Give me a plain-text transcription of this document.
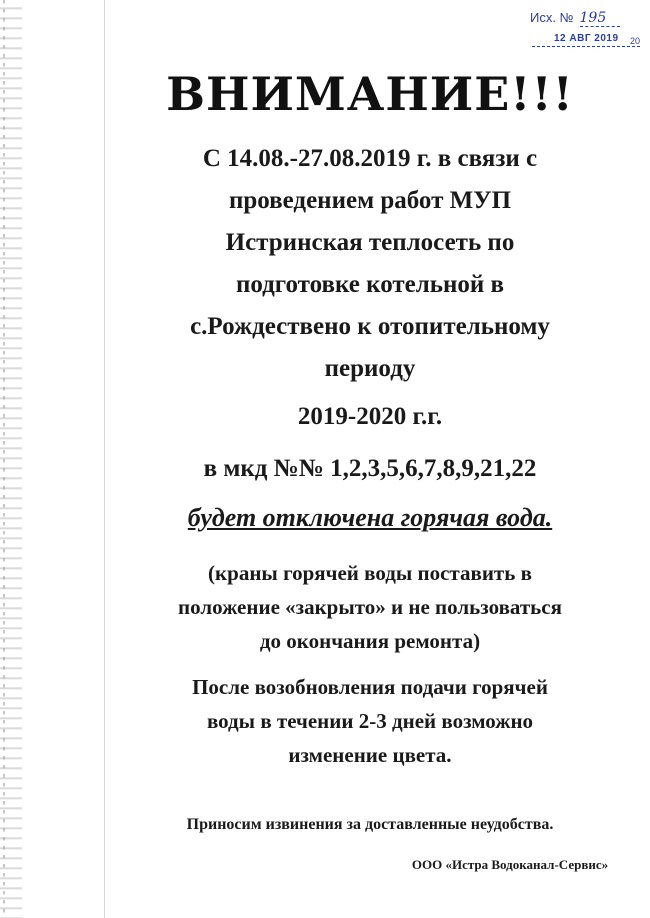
Исх. № 195
12 АВГ 2019 20
ВНИМАНИЕ!!!
С 14.08.-27.08.2019 г. в связи с
проведением работ МУП
Истринская теплосеть по
подготовке котельной в
с.Рождествено к отопительному
периоду
2019-2020 г.г.
в мкд №№ 1,2,3,5,6,7,8,9,21,22
будет отключена горячая вода.
(краны горячей воды поставить в
положение «закрыто» и не пользоваться
до окончания ремонта)
После возобновления подачи горячей
воды в течении 2-3 дней возможно
изменение цвета.
Приносим извинения за доставленные неудобства.
ООО «Истра Водоканал-Сервис»
